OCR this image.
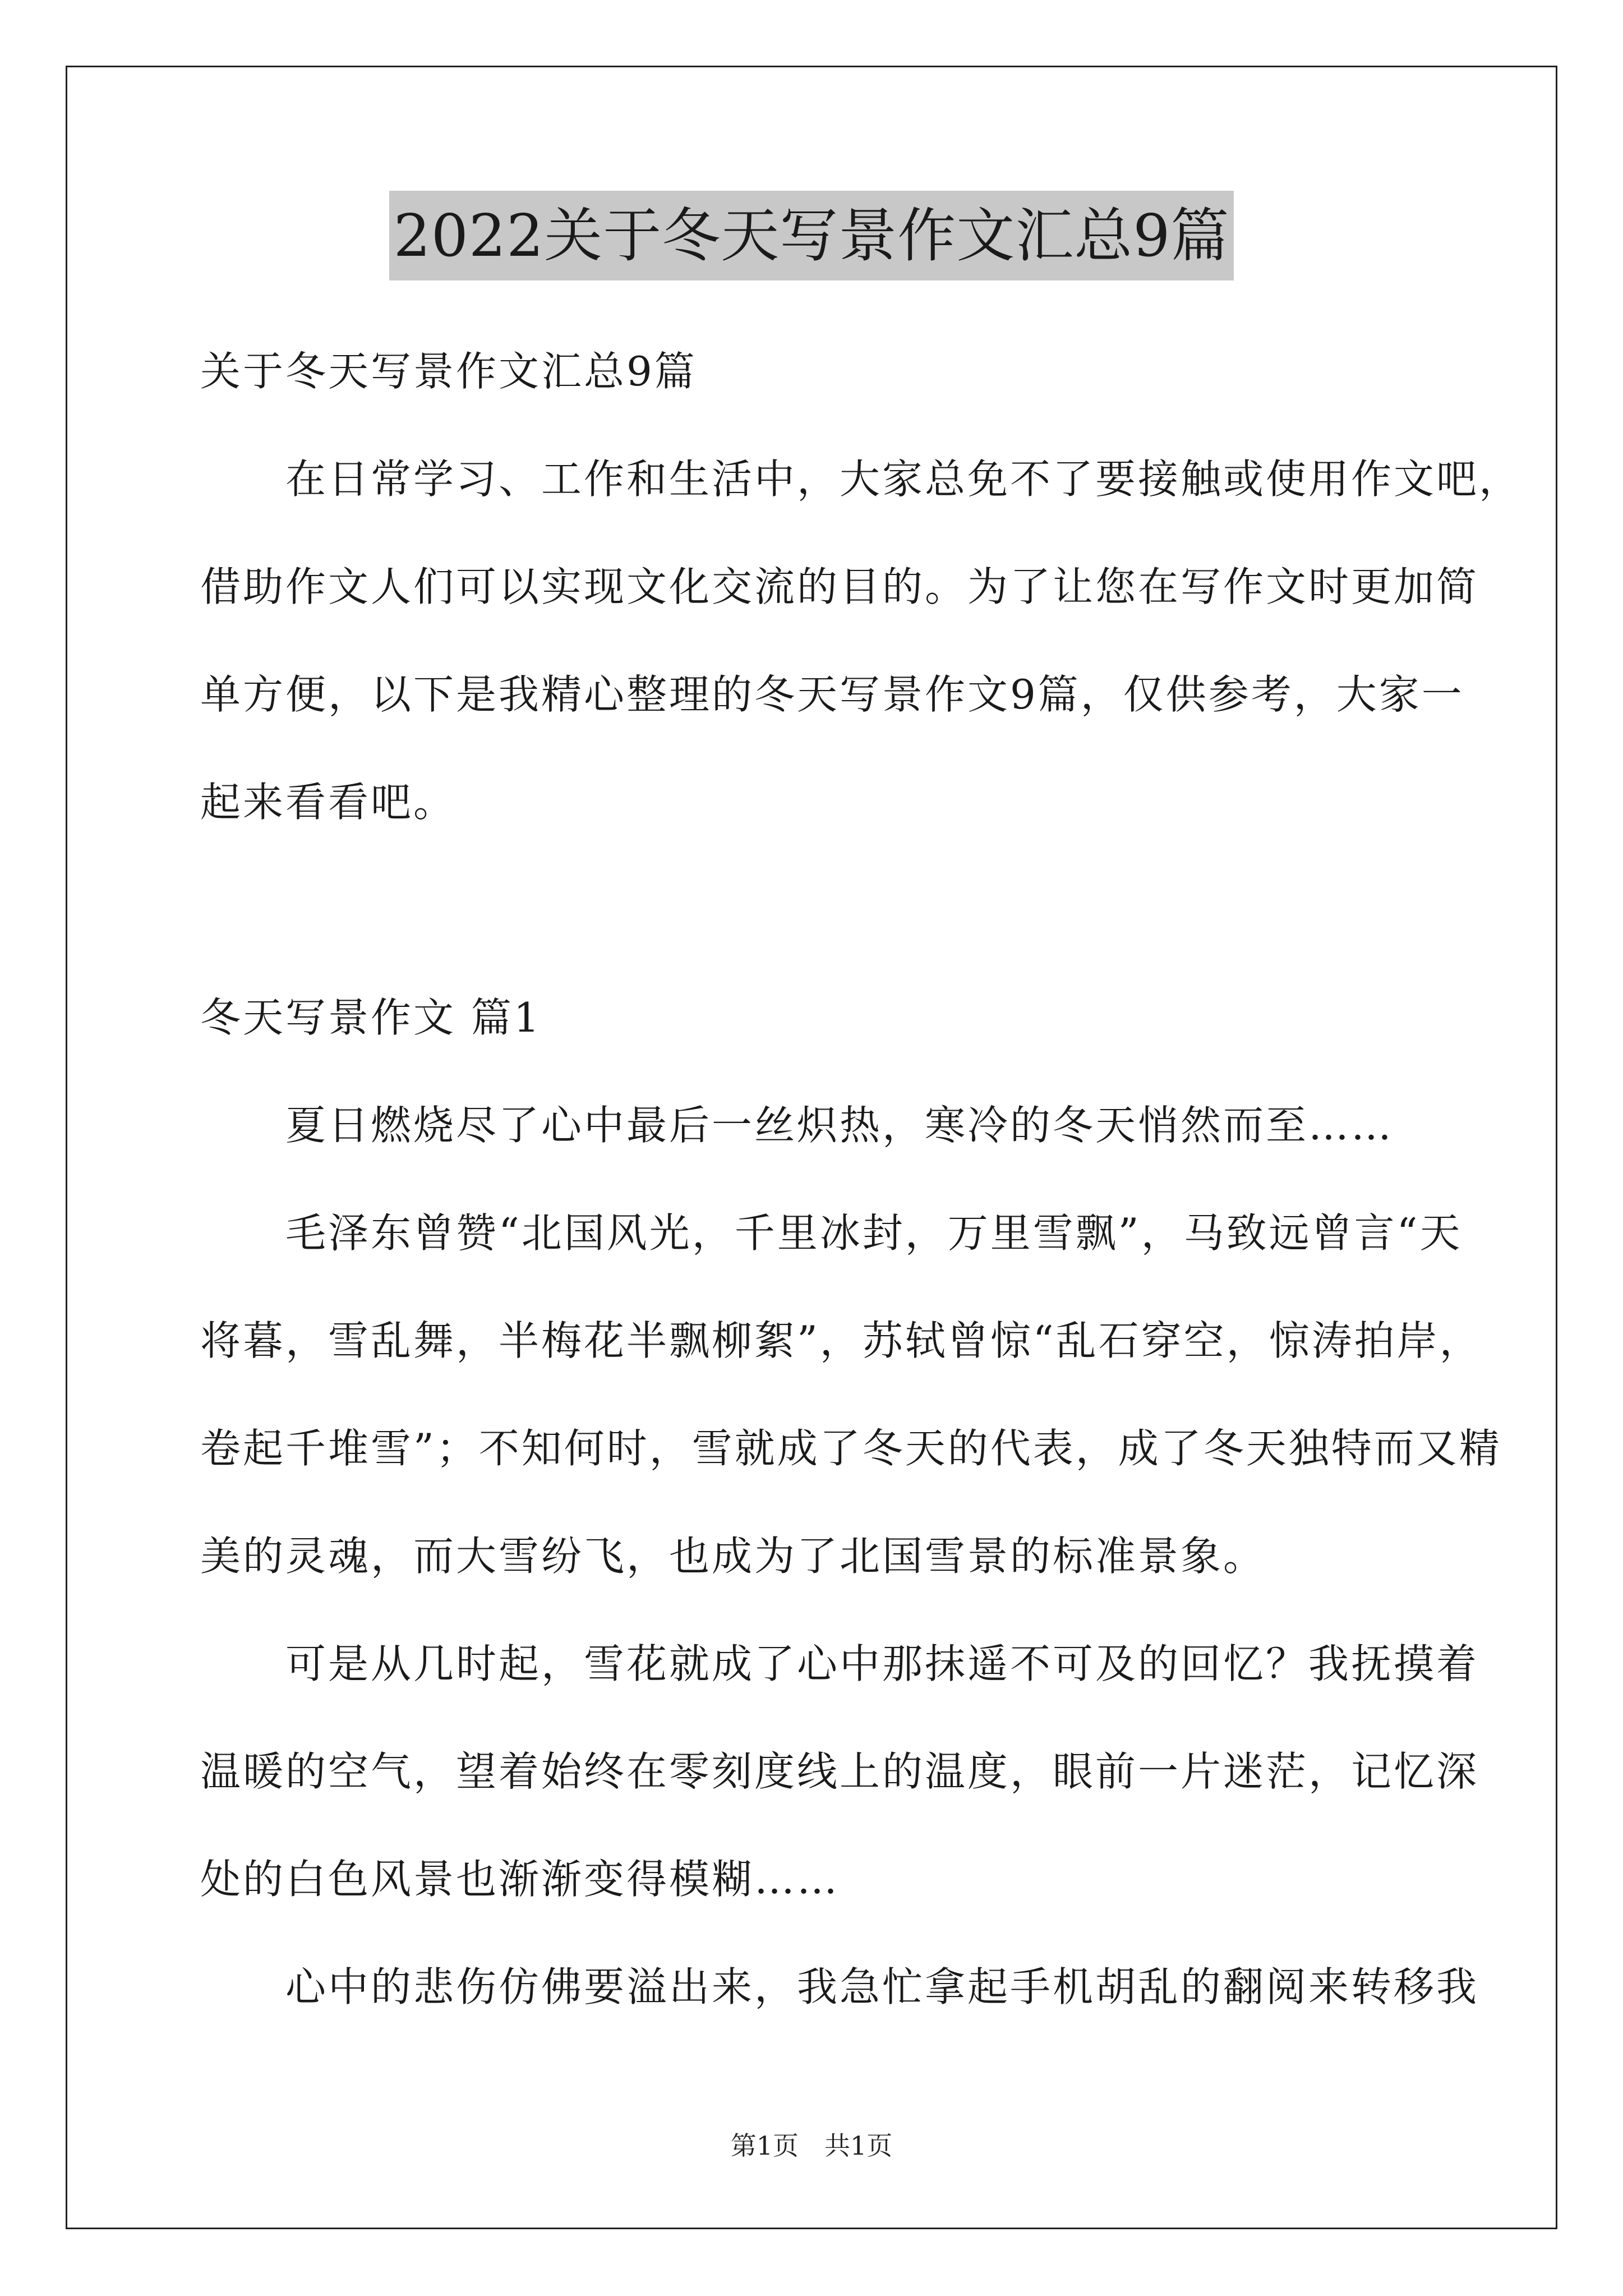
2022关于冬天写景作文汇总9篇

关于冬天写景作文汇总9篇

　　在日常学习、工作和生活中，大家总免不了要接触或使用作文吧，

借助作文人们可以实现文化交流的目的。为了让您在写作文时更加简

单方便，以下是我精心整理的冬天写景作文9篇，仅供参考，大家一

起来看看吧。

冬天写景作文 篇1

　　夏日燃烧尽了心中最后一丝炽热，寒冷的冬天悄然而至……

　　毛泽东曾赞“北国风光，千里冰封，万里雪飘”，马致远曾言“天

将暮，雪乱舞，半梅花半飘柳絮”，苏轼曾惊“乱石穿空，惊涛拍岸，

卷起千堆雪”；不知何时，雪就成了冬天的代表，成了冬天独特而又精

美的灵魂，而大雪纷飞，也成为了北国雪景的标准景象。

　　可是从几时起，雪花就成了心中那抹遥不可及的回忆？我抚摸着

温暖的空气，望着始终在零刻度线上的温度，眼前一片迷茫，记忆深

处的白色风景也渐渐变得模糊……

　　心中的悲伤仿佛要溢出来，我急忙拿起手机胡乱的翻阅来转移我

第1页　共1页
